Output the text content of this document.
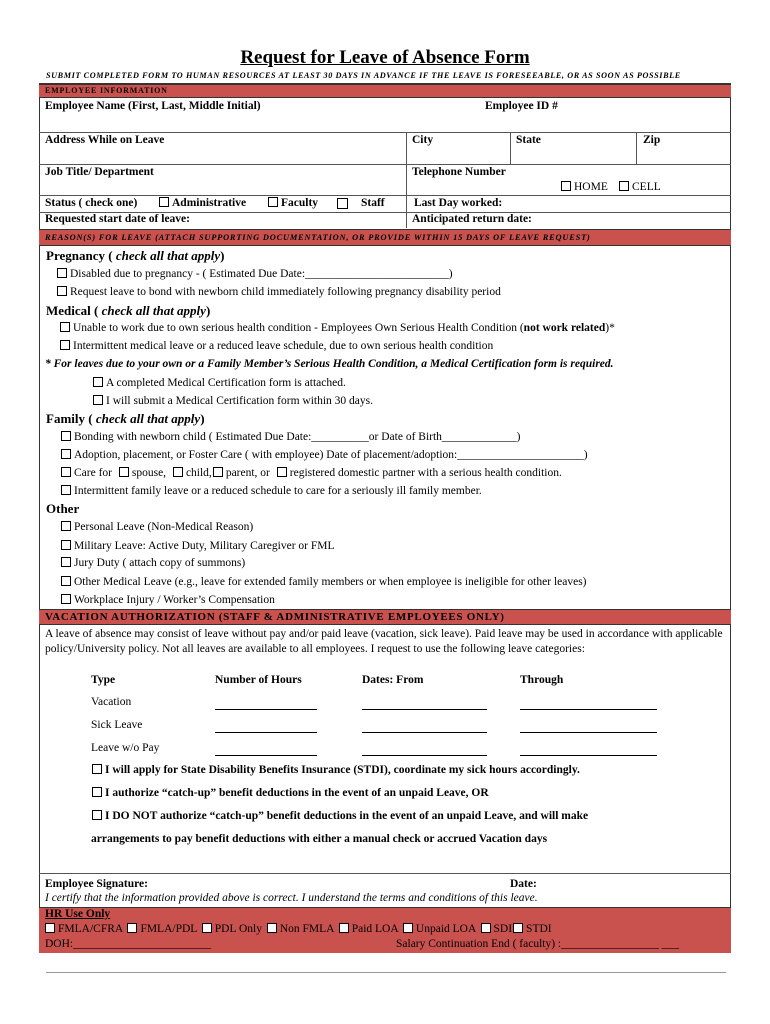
Request for Leave of Absence Form
SUBMIT COMPLETED FORM TO HUMAN RESOURCES AT LEAST 30 DAYS IN ADVANCE IF THE LEAVE IS FORESEEABLE, OR AS SOON AS POSSIBLE
EMPLOYEE INFORMATION
Employee Name (First, Last, Middle Initial)	Employee ID #
Address While on Leave	City	State	Zip
Job Title/ Department	Telephone Number
HOME	CELL
Status ( check one)	Administrative	Faculty	Staff	Last Day worked:
Requested start date of leave:	Anticipated return date:
REASON(S) FOR LEAVE (ATTACH SUPPORTING DOCUMENTATION, OR PROVIDE WITHIN 15 DAYS OF LEAVE REQUEST)
Pregnancy ( check all that apply)
Disabled due to pregnancy - ( Estimated Due Date:_________________________)
Request leave to bond with newborn child immediately following pregnancy disability period
Medical ( check all that apply)
Unable to work due to own serious health condition - Employees Own Serious Health Condition (not work related)*
Intermittent medical leave or a reduced leave schedule, due to own serious health condition
* For leaves due to your own or a Family Member’s Serious Health Condition, a Medical Certification form is required.
A completed Medical Certification form is attached.
I will submit a Medical Certification form within 30 days.
Family ( check all that apply)
Bonding with newborn child ( Estimated Due Date:__________or Date of Birth_____________)
Adoption, placement, or Foster Care ( with employee) Date of placement/adoption:______________________)
Care for spouse, child, parent, or registered domestic partner with a serious health condition.
Intermittent family leave or a reduced schedule to care for a seriously ill family member.
Other
Personal Leave (Non-Medical Reason)
Military Leave: Active Duty, Military Caregiver or FML
Jury Duty ( attach copy of summons)
Other Medical Leave (e.g., leave for extended family members or when employee is ineligible for other leaves)
Workplace Injury / Worker’s Compensation
VACATION AUTHORIZATION (STAFF & ADMINISTRATIVE EMPLOYEES ONLY)
A leave of absence may consist of leave without pay and/or paid leave (vacation, sick leave). Paid leave may be used in accordance with applicable policy/University policy. Not all leaves are available to all employees. I request to use the following leave categories:
Type	Number of Hours	Dates: From	Through
Vacation
Sick Leave
Leave w/o Pay
I will apply for State Disability Benefits Insurance (STDI), coordinate my sick hours accordingly.
I authorize “catch-up” benefit deductions in the event of an unpaid Leave, OR
I DO NOT authorize “catch-up” benefit deductions in the event of an unpaid Leave, and will make
arrangements to pay benefit deductions with either a manual check or accrued Vacation days
Employee Signature:	Date:
I certify that the information provided above is correct. I understand the terms and conditions of this leave.
HR Use Only
FMLA/CFRA FMLA/PDL PDL Only Non FMLA Paid LOA Unpaid LOA SDI STDI
DOH:________________________	Salary Continuation End ( faculty) :_________________ ___
